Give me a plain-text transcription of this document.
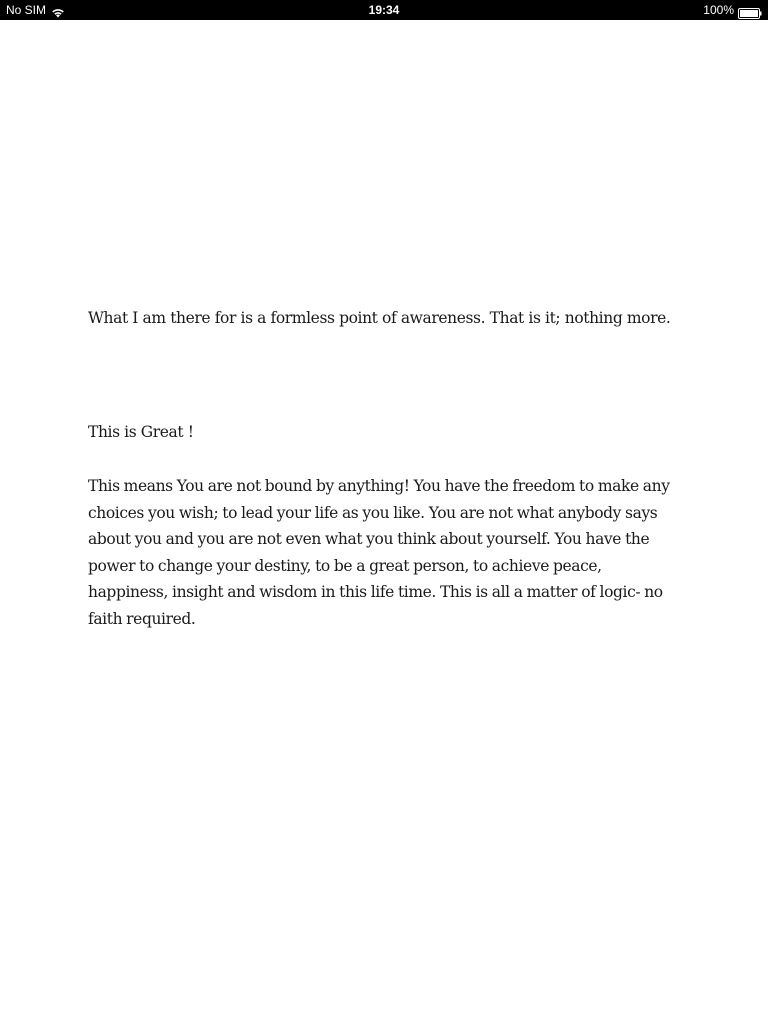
No SIM	19:34	100%
What I am there for is a formless point of awareness. That is it; nothing more.
This is Great !
This means You are not bound by anything! You have the freedom to make any choices you wish; to lead your life as you like. You are not what anybody says about you and you are not even what you think about yourself. You have the power to change your destiny, to be a great person, to achieve peace, happiness, insight and wisdom in this life time. This is all a matter of logic- no faith required.
